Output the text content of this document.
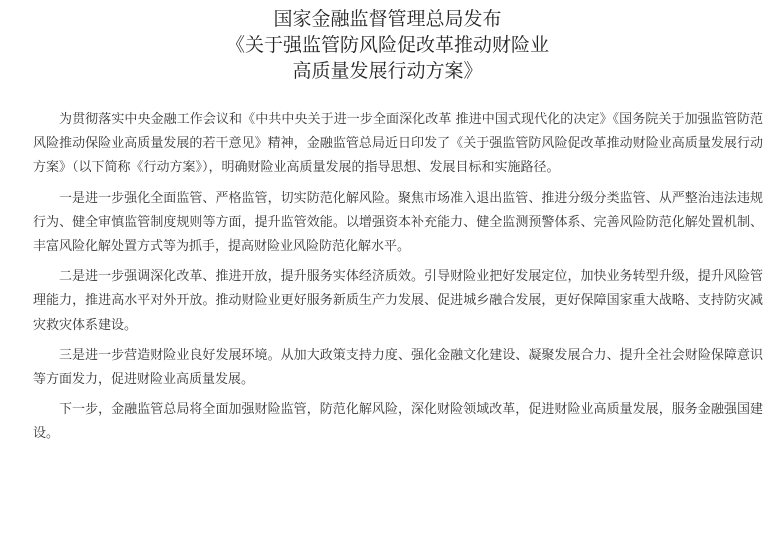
国家金融监督管理总局发布
《关于强监管防风险促改革推动财险业
高质量发展行动方案》

为贯彻落实中央金融工作会议和《中共中央关于进一步全面深化改革 推进中国式现代化的决定》《国务院关于加强监管防范风险推动保险业高质量发展的若干意见》精神，金融监管总局近日印发了《关于强监管防风险促改革推动财险业高质量发展行动方案》（以下简称《行动方案》），明确财险业高质量发展的指导思想、发展目标和实施路径。

一是进一步强化全面监管、严格监管，切实防范化解风险。聚焦市场准入退出监管、推进分级分类监管、从严整治违法违规行为、健全审慎监管制度规则等方面，提升监管效能。以增强资本补充能力、健全监测预警体系、完善风险防范化解处置机制、丰富风险化解处置方式等为抓手，提高财险业风险防范化解水平。

二是进一步强调深化改革、推进开放，提升服务实体经济质效。引导财险业把好发展定位，加快业务转型升级，提升风险管理能力，推进高水平对外开放。推动财险业更好服务新质生产力发展、促进城乡融合发展，更好保障国家重大战略、支持防灾减灾救灾体系建设。

三是进一步营造财险业良好发展环境。从加大政策支持力度、强化金融文化建设、凝聚发展合力、提升全社会财险保障意识等方面发力，促进财险业高质量发展。

下一步，金融监管总局将全面加强财险监管，防范化解风险，深化财险领域改革，促进财险业高质量发展，服务金融强国建设。
